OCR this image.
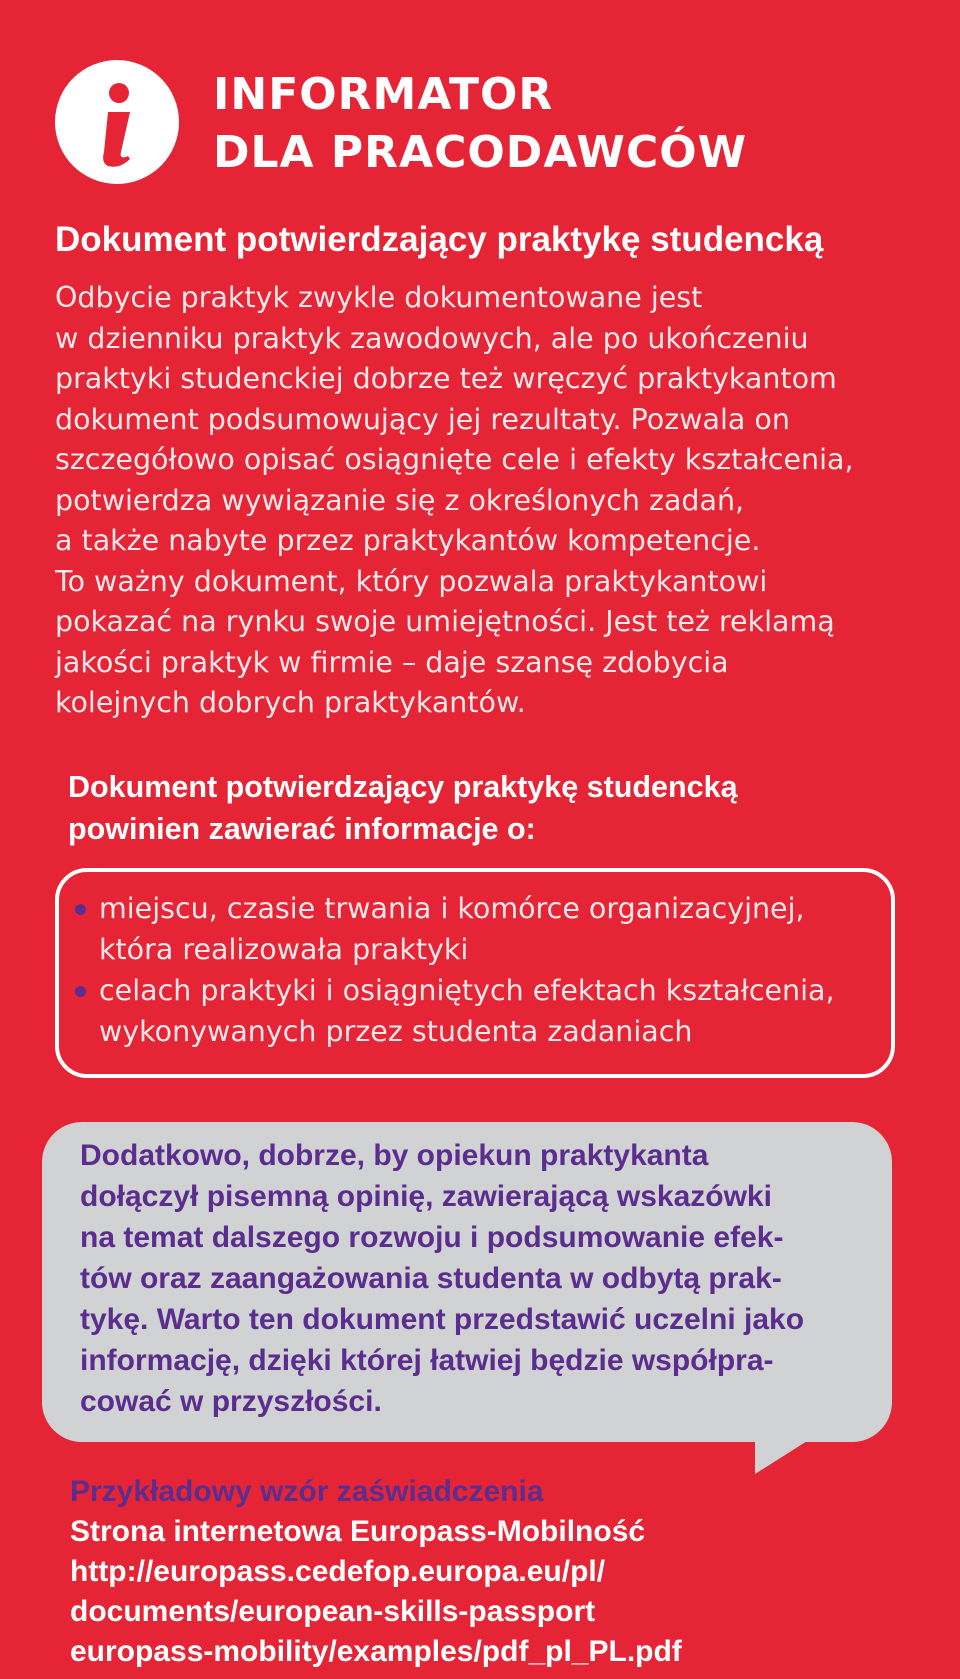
INFORMATOR
DLA PRACODAWCÓW
Dokument potwierdzający praktykę studencką

Odbycie praktyk zwykle dokumentowane jest
w dzienniku praktyk zawodowych, ale po ukończeniu
praktyki studenckiej dobrze też wręczyć praktykantom
dokument podsumowujący jej rezultaty. Pozwala on
szczegółowo opisać osiągnięte cele i efekty kształcenia,
potwierdza wywiązanie się z określonych zadań,
a także nabyte przez praktykantów kompetencje.
To ważny dokument, który pozwala praktykantowi
pokazać na rynku swoje umiejętności. Jest też reklamą
jakości praktyk w firmie – daje szansę zdobycia
kolejnych dobrych praktykantów.

Dokument potwierdzający praktykę studencką
powinien zawierać informacje o:
miejscu, czasie trwania i komórce organizacyjnej,
która realizowała praktyki
celach praktyki i osiągniętych efektach kształcenia,
wykonywanych przez studenta zadaniach

Dodatkowo, dobrze, by opiekun praktykanta
dołączył pisemną opinię, zawierającą wskazówki
na temat dalszego rozwoju i podsumowanie efek-
tów oraz zaangażowania studenta w odbytą prak-
tykę. Warto ten dokument przedstawić uczelni jako
informację, dzięki której łatwiej będzie współpra-
cować w przyszłości.

Przykładowy wzór zaświadczenia
Strona internetowa Europass-Mobilność
http://europass.cedefop.europa.eu/pl/
documents/european-skills-passport
europass-mobility/examples/pdf_pl_PL.pdf
